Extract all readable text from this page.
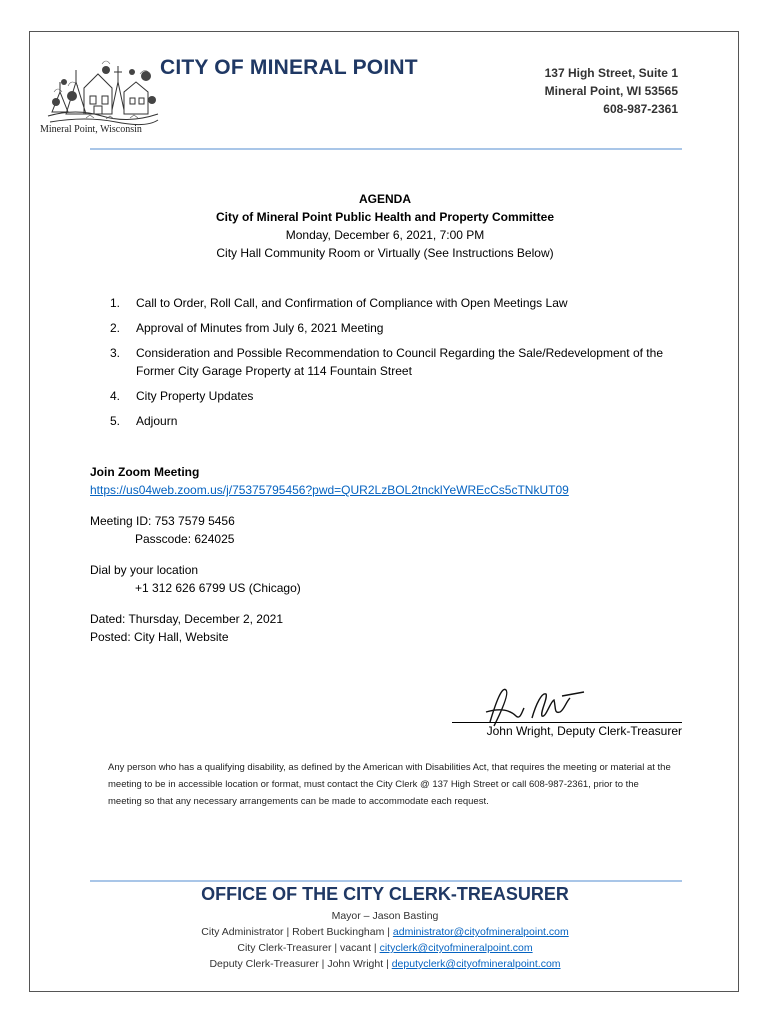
Mineral Point, Wisconsin
CITY OF MINERAL POINT	137 High Street, Suite 1
Mineral Point, WI 53565
608-987-2361
AGENDA
City of Mineral Point Public Health and Property Committee
Monday, December 6, 2021, 7:00 PM
City Hall Community Room or Virtually (See Instructions Below)
1. Call to Order, Roll Call, and Confirmation of Compliance with Open Meetings Law
2. Approval of Minutes from July 6, 2021 Meeting
3. Consideration and Possible Recommendation to Council Regarding the Sale/Redevelopment of the Former City Garage Property at 114 Fountain Street
4. City Property Updates
5. Adjourn
Join Zoom Meeting
https://us04web.zoom.us/j/75375795456?pwd=QUR2LzBOL2tncklYeWREcCs5cTNkUT09
Meeting ID: 753 7579 5456
Passcode: 624025
Dial by your location
+1 312 626 6799 US (Chicago)
Dated: Thursday, December 2, 2021
Posted: City Hall, Website
John Wright, Deputy Clerk-Treasurer
Any person who has a qualifying disability, as defined by the American with Disabilities Act, that requires the meeting or material at the meeting to be in accessible location or format, must contact the City Clerk @ 137 High Street or call 608-987-2361, prior to the meeting so that any necessary arrangements can be made to accommodate each request.
OFFICE OF THE CITY CLERK-TREASURER
Mayor – Jason Basting
City Administrator | Robert Buckingham | administrator@cityofmineralpoint.com
City Clerk-Treasurer | vacant | cityclerk@cityofmineralpoint.com
Deputy Clerk-Treasurer | John Wright | deputyclerk@cityofmineralpoint.com
